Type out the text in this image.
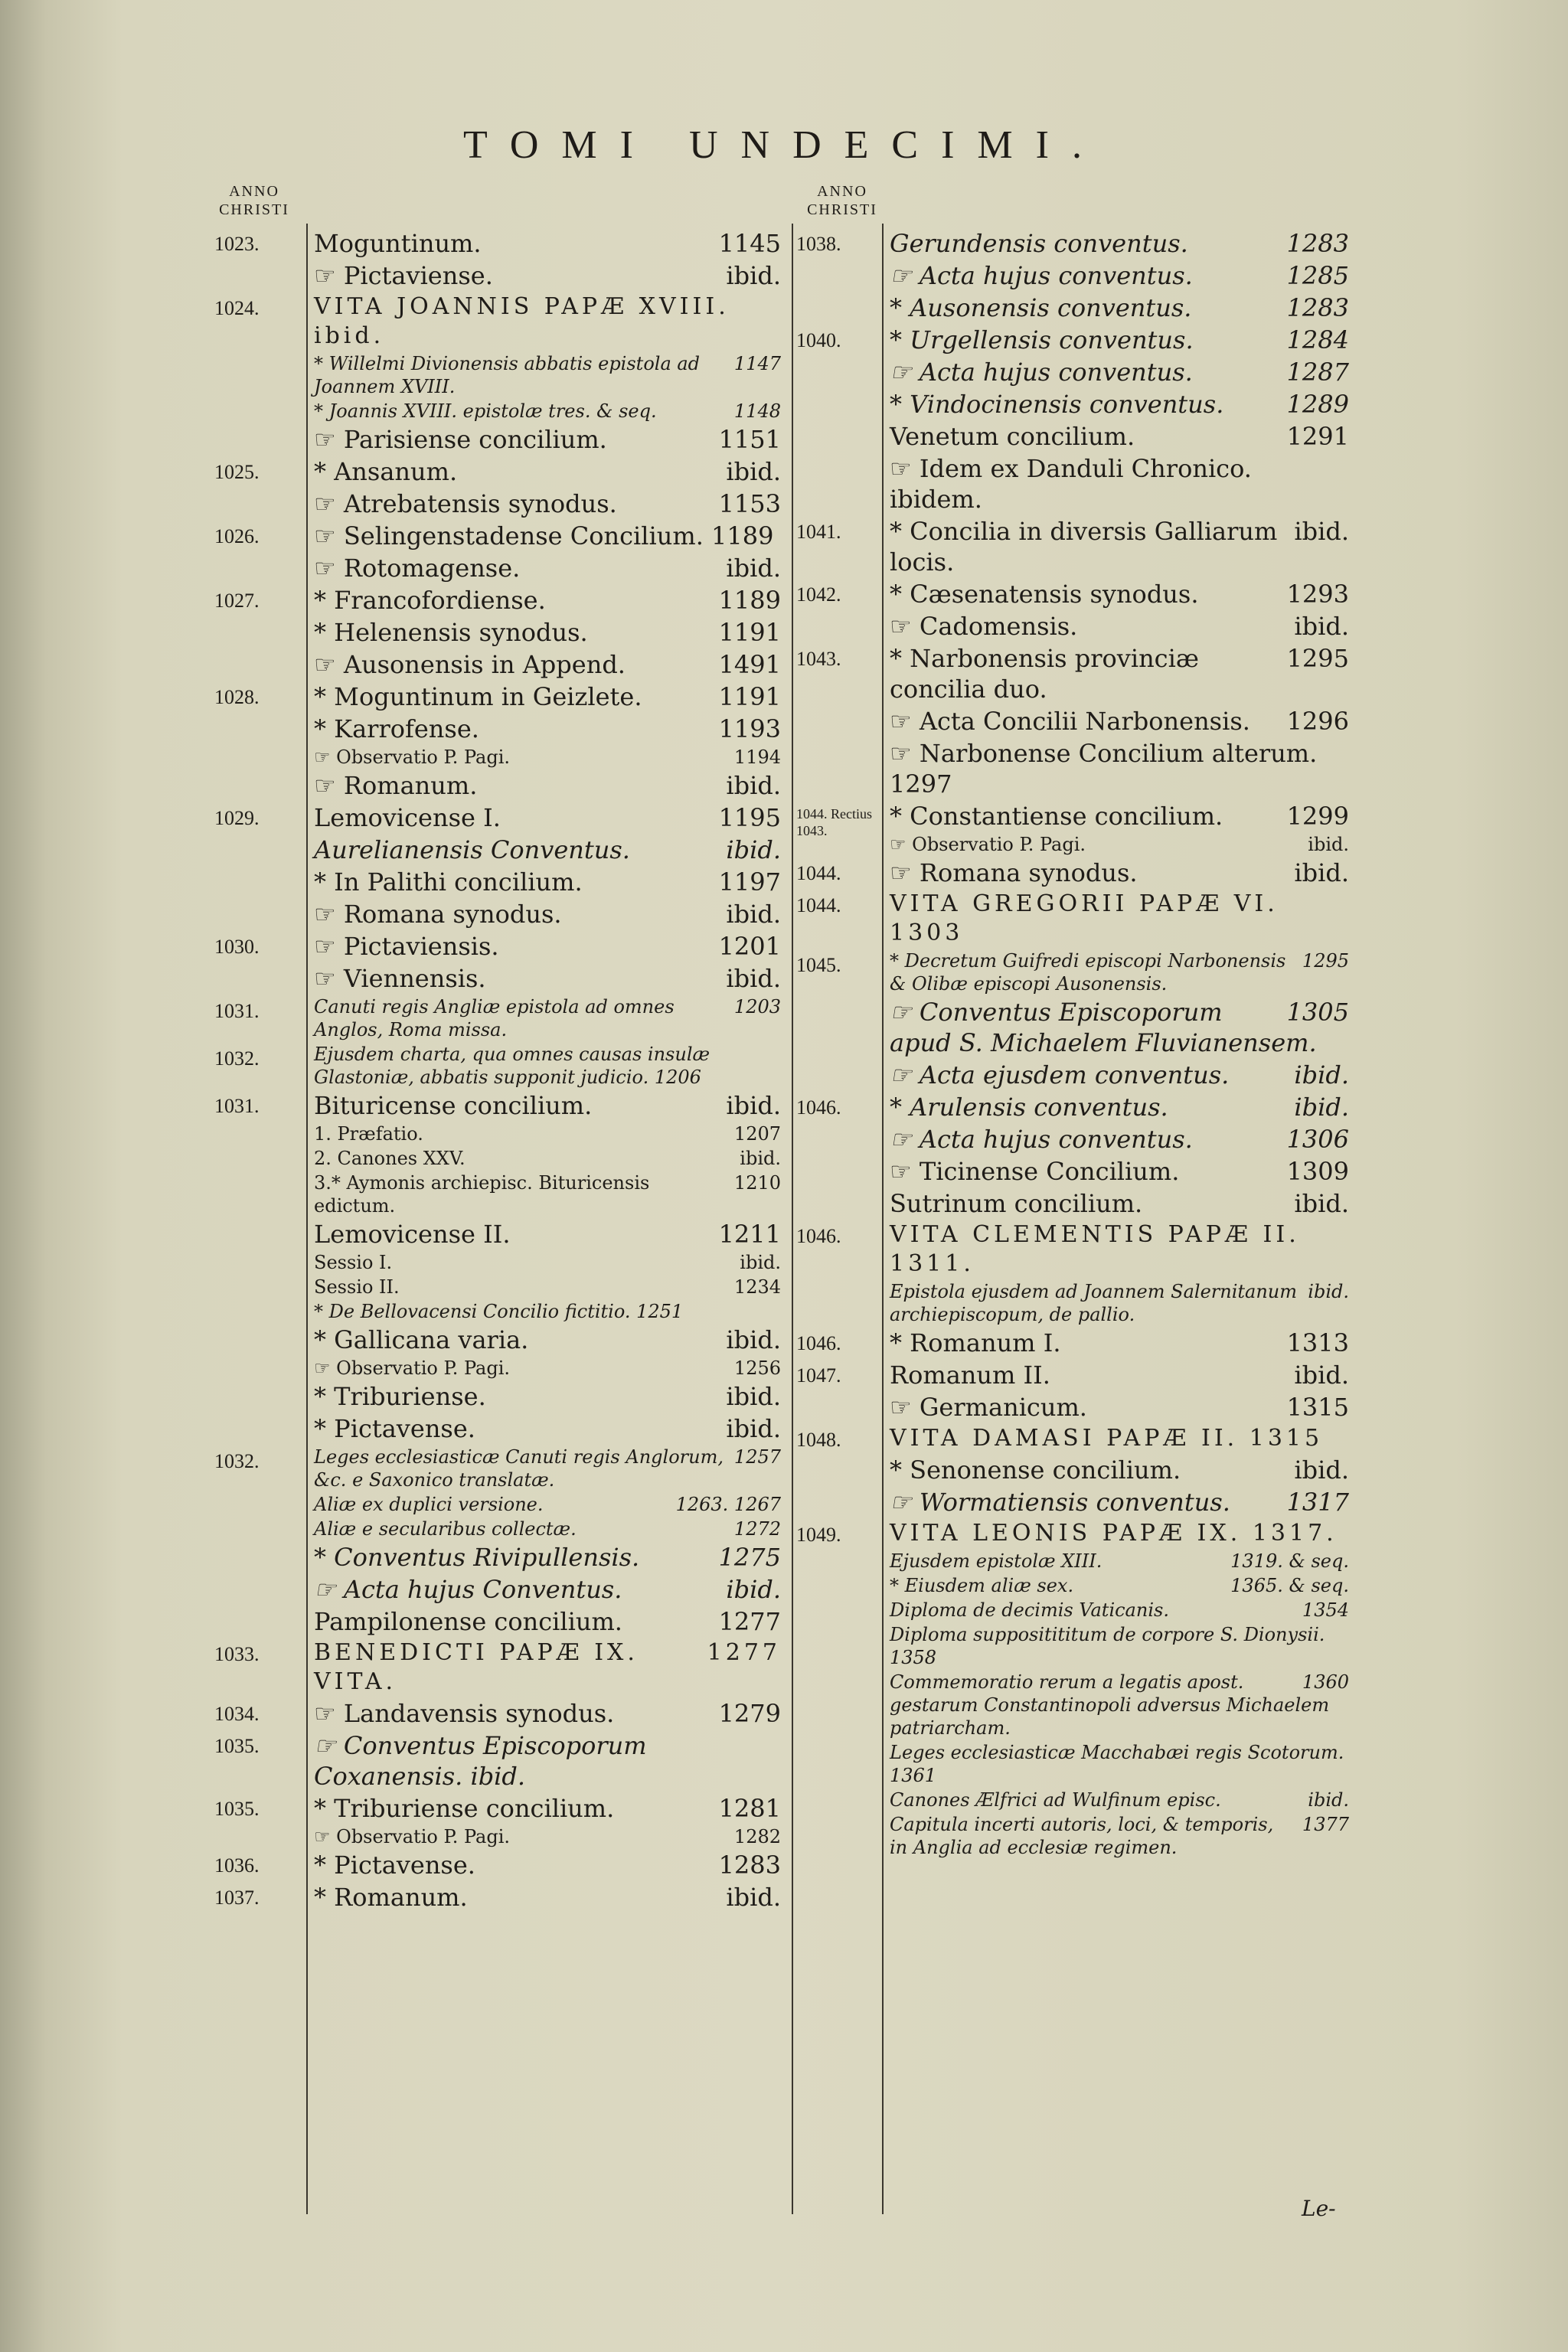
TOMI UNDECIMI.
ANNO
CHRISTI
ANNO
CHRISTI

1145
Moguntinum.

ibid.
☞ Pictaviense.

VITA JOANNIS PAPÆ XVIII. ibid.

1147
* Willelmi Divionensis abbatis epistola ad Joannem XVIII.

1148
* Joannis XVIII. epistolæ tres. & seq.

1151
☞ Parisiense concilium.

ibid.
* Ansanum.

1153
☞ Atrebatensis synodus.

☞ Selingenstadense Concilium. 1189

ibid.
☞ Rotomagense.

1189
* Francofordiense.

1191
* Helenensis synodus.

1491
☞ Ausonensis in Append.

1191
* Moguntinum in Geizlete.

1193
* Karrofense.

1194
☞ Observatio P. Pagi.

ibid.
☞ Romanum.

1195
Lemovicense I.

ibid.
Aurelianensis Conventus.

1197
* In Palithi concilium.

ibid.
☞ Romana synodus.

1201
☞ Pictaviensis.

ibid.
☞ Viennensis.

1203
Canuti regis Angliæ epistola ad omnes Anglos, Roma missa.

Ejusdem charta, qua omnes causas insulæ Glastoniæ, abbatis supponit judicio. 1206

ibid.
Bituricense concilium.

1207
1. Præfatio.

ibid.
2. Canones XXV.

1210
3.* Aymonis archiepisc. Bituricensis edictum.

1211
Lemovicense II.

ibid.
Sessio I.

1234
Sessio II.

* De Bellovacensi Concilio fictitio. 1251

ibid.
* Gallicana varia.

1256
☞ Observatio P. Pagi.

ibid.
* Triburiense.

ibid.
* Pictavense.

1257
Leges ecclesiasticæ Canuti regis Anglorum, &c. e Saxonico translatæ.

1263. 1267
Aliæ ex duplici versione.

1272
Aliæ e secularibus collectæ.

1275
* Conventus Rivipullensis.

ibid.
☞ Acta hujus Conventus.

1277
Pampilonense concilium.

1277
BENEDICTI PAPÆ IX. VITA.

1279
☞ Landavensis synodus.

☞ Conventus Episcoporum Coxanensis. ibid.

1281
* Triburiense concilium.

1282
☞ Observatio P. Pagi.

1283
* Pictavense.

ibid.
* Romanum.

1283
Gerundensis conventus.

1285
☞ Acta hujus conventus.

1283
* Ausonensis conventus.

1284
* Urgellensis conventus.

1287
☞ Acta hujus conventus.

1289
* Vindocinensis conventus.

1291
Venetum concilium.

☞ Idem ex Danduli Chronico. ibidem.

ibid.
* Concilia in diversis Galliarum locis.

1293
* Cæsenatensis synodus.

ibid.
☞ Cadomensis.

1295
* Narbonensis provinciæ concilia duo.

1296
☞ Acta Concilii Narbonensis.

☞ Narbonense Concilium alterum. 1297

1299
* Constantiense concilium.

ibid.
☞ Observatio P. Pagi.

ibid.
☞ Romana synodus.

VITA GREGORII PAPÆ VI. 1303

1295
* Decretum Guifredi episcopi Narbonensis & Olibæ episcopi Ausonensis.

1305
☞ Conventus Episcoporum apud S. Michaelem Fluvianensem.

ibid.
☞ Acta ejusdem conventus.

ibid.
* Arulensis conventus.

1306
☞ Acta hujus conventus.

1309
☞ Ticinense Concilium.

ibid.
Sutrinum concilium.

VITA CLEMENTIS PAPÆ II. 1311.

ibid.
Epistola ejusdem ad Joannem Salernitanum archiepiscopum, de pallio.

1313
* Romanum I.

ibid.
Romanum II.

1315
☞ Germanicum.

VITA DAMASI PAPÆ II. 1315

ibid.
* Senonense concilium.

1317
☞ Wormatiensis conventus.

VITA LEONIS PAPÆ IX. 1317.

1319. & seq.
Ejusdem epistolæ XIII.

1365. & seq.
* Eiusdem aliæ sex.

1354
Diploma de decimis Vaticanis.

Diploma suppositititum de corpore S. Dionysii. 1358

1360
Commemoratio rerum a legatis apost. gestarum Constantinopoli adversus Michaelem patriarcham.

Leges ecclesiasticæ Macchabæi regis Scotorum. 1361

ibid.
Canones Ælfrici ad Wulfinum episc.

1377
Capitula incerti autoris, loci, & temporis, in Anglia ad ecclesiæ regimen.

Le-
1023.
1024.
1025.
1026.
1027.
1028.
1029.
1030.
1031.
1032.
1031.
1032.
1033.
1034.
1035.
1035.
1036.
1037.
1038.
1040.
1041.
1042.
1043.
1044. Rectius 1043.
1044.
1044.
1045.
1046.
1046.
1046.
1047.
1048.
1049.
